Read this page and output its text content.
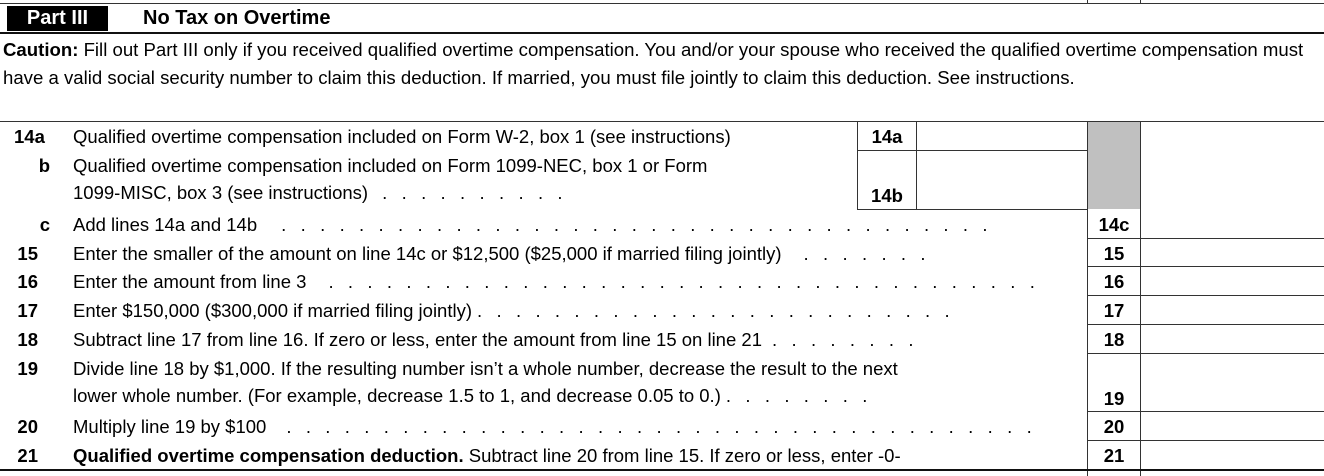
Part III	No Tax on Overtime
Caution: Fill out Part III only if you received qualified overtime compensation. You and/or your spouse who received the qualified overtime compensation must have a valid social security number to claim this deduction. If married, you must file jointly to claim this deduction. See instructions.
14a	Qualified overtime compensation included on Form W-2, box 1 (see instructions)	14a
b Qualified overtime compensation included on Form 1099-NEC, box 1 or Form
1099-MISC, box 3 (see instructions) . . . . . . . . . .	14b
c Add lines 14a and 14b . . . . . . . . . . . . . . . . . . . . . . . . . . . . . . . . . . . . .	14c
15 Enter the smaller of the amount on line 14c or $12,500 ($25,000 if married filing jointly) . . . . . . .	15
16 Enter the amount from line 3 . . . . . . . . . . . . . . . . . . . . . . . . . . . . . . . . . . . . .	16
17 Enter $150,000 ($300,000 if married filing jointly) . . . . . . . . . . . . . . . . . . . . . . . . .	17
18 Subtract line 17 from line 16. If zero or less, enter the amount from line 15 on line 21 . . . . . . . .	18
19 Divide line 18 by $1,000. If the resulting number isn’t a whole number, decrease the result to the next
lower whole number. (For example, decrease 1.5 to 1, and decrease 0.05 to 0.) . . . . . . . .	19
20 Multiply line 19 by $100 . . . . . . . . . . . . . . . . . . . . . . . . . . . . . . . . . . . . . . .	20
21 Qualified overtime compensation deduction. Subtract line 20 from line 15. If zero or less, enter -0-	21
